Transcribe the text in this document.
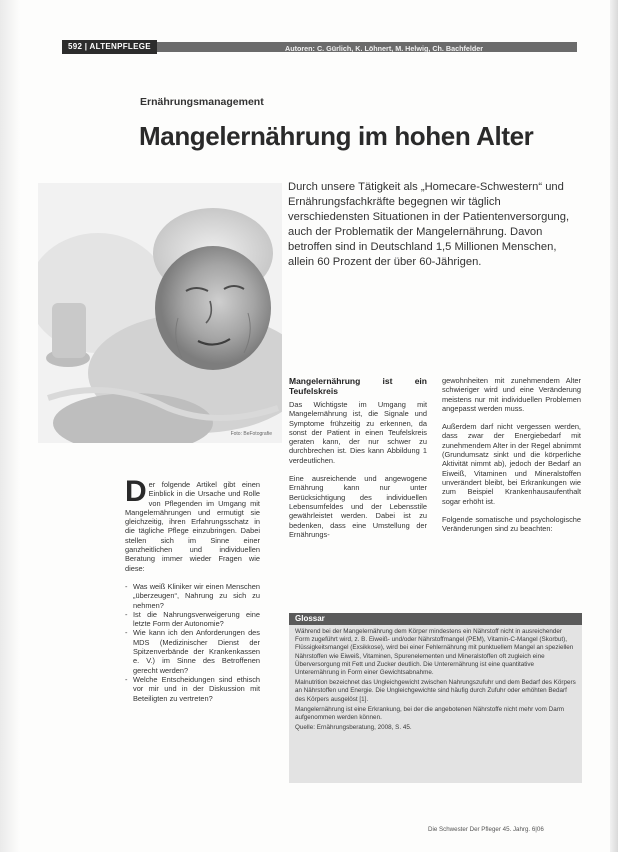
592 | ALTENPFLEGE	Autoren: C. Gürlich, K. Löhnert, M. Helwig, Ch. Bachfelder
Ernährungsmanagement
Mangelernährung im hohen Alter
Foto: BeFotografie
Durch unsere Tätigkeit als „Homecare-Schwestern“ und Ernährungsfachkräfte begegnen wir täglich verschiedensten Situationen in der Patientenversorgung, auch der Problematik der Mangelernährung. Davon betroffen sind in Deutschland 1,5 Millionen Menschen, allein 60 Prozent der über 60-Jährigen.

Der folgende Artikel gibt einen Einblick in die Ursache und Rolle von Pflegenden im Umgang mit Mangelernährungen und ermutigt sie gleichzeitig, ihren Erfahrungsschatz in die tägliche Pflege einzubringen. Dabei stellen sich im Sinne einer ganzheitlichen und individuellen Beratung immer wieder Fragen wie diese:

- Was weiß Kliniker wir einen Menschen „überzeugen“, Nahrung zu sich zu nehmen?
- Ist die Nahrungsverweigerung eine letzte Form der Autonomie?
- Wie kann ich den Anforderungen des MDS (Medizinischer Dienst der Spitzenverbände der Krankenkassen e. V.) im Sinne des Betroffenen gerecht werden?
- Welche Entscheidungen sind ethisch vor mir und in der Diskussion mit Beteiligten zu vertreten?
Mangelernährung ist ein Teufelskreis

Das Wichtigste im Umgang mit Mangelernährung ist, die Signale und Symptome frühzeitig zu erkennen, da sonst der Patient in einen Teufelskreis geraten kann, der nur schwer zu durchbrechen ist. Dies kann Abbildung 1 verdeutlichen.

Eine ausreichende und angewogene Ernährung kann nur unter Berücksichtigung des individuellen Lebensumfeldes und der Lebensstile gewährleistet werden. Dabei ist zu bedenken, dass eine Umstellung der Ernährungs-

gewohnheiten mit zunehmendem Alter schwieriger wird und eine Veränderung meistens nur mit individuellen Problemen angepasst werden muss.

Außerdem darf nicht vergessen werden, dass zwar der Energiebedarf mit zunehmendem Alter in der Regel abnimmt (Grundumsatz sinkt und die körperliche Aktivität nimmt ab), jedoch der Bedarf an Eiweiß, Vitaminen und Mineralstoffen unverändert bleibt, bei Erkrankungen wie zum Beispiel Krankenhausaufenthalt sogar erhöht ist.

Folgende somatische und psychologische Veränderungen sind zu beachten:

Glossar

Während bei der Mangelernährung dem Körper mindestens ein Nährstoff nicht in ausreichender Form zugeführt wird, z. B. Eiweiß- und/oder Nährstoffmangel (PEM), Vitamin-C-Mangel (Skorbut), Flüssigkeitsmangel (Exsikkose), wird bei einer Fehlernährung mit punktuellem Mangel an speziellen Nährstoffen wie Eiweiß, Vitaminen, Spurenelementen und Mineralstoffen oft zugleich eine Überversorgung mit Fett und Zucker deutlich. Die Unterernährung ist eine quantitative Unterernährung in Form einer Gewichtsabnahme.

Malnutrition bezeichnet das Ungleichgewicht zwischen Nahrungszufuhr und dem Bedarf des Körpers an Nährstoffen und Energie. Die Ungleichgewichte sind häufig durch Zufuhr oder erhöhten Bedarf des Körpers ausgelöst [1].

Mangelernährung ist eine Erkrankung, bei der die angebotenen Nährstoffe nicht mehr vom Darm aufgenommen werden können.

Quelle: Ernährungsberatung, 2008, S. 45.

Die Schwester Der Pfleger 45. Jahrg. 6|06
